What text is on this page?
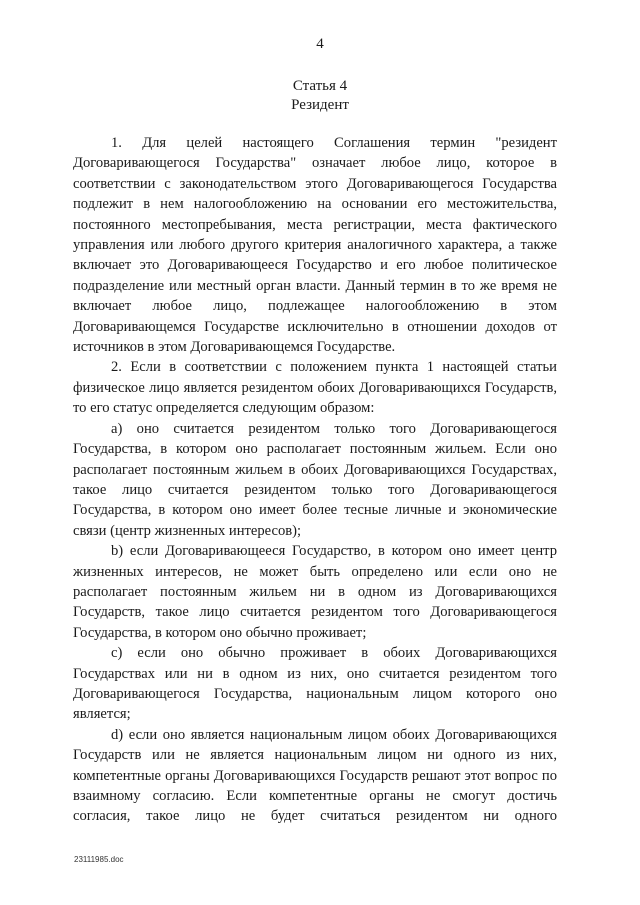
4
Статья 4
Резидент

1. Для целей настоящего Соглашения термин "резидент Договаривающегося Государства" означает любое лицо, которое в соответствии с законодательством этого Договаривающегося Государства подлежит в нем налогообложению на основании его местожительства, постоянного местопребывания, места регистрации, места фактического управления или любого другого критерия аналогичного характера, а также включает это Договаривающееся Государство и его любое политическое подразделение или местный орган власти. Данный термин в то же время не включает любое лицо, подлежащее налогообложению в этом Договаривающемся Государстве исключительно в отношении доходов от источников в этом Договаривающемся Государстве.

2. Если в соответствии с положением пункта 1 настоящей статьи физическое лицо является резидентом обоих Договаривающихся Государств, то его статус определяется следующим образом:

a) оно считается резидентом только того Договаривающегося Государства, в котором оно располагает постоянным жильем. Если оно располагает постоянным жильем в обоих Договаривающихся Государствах, такое лицо считается резидентом только того Договаривающегося Государства, в котором оно имеет более тесные личные и экономические связи (центр жизненных интересов);

b) если Договаривающееся Государство, в котором оно имеет центр жизненных интересов, не может быть определено или если оно не располагает постоянным жильем ни в одном из Договаривающихся Государств, такое лицо считается резидентом того Договаривающегося Государства, в котором оно обычно проживает;

c) если оно обычно проживает в обоих Договаривающихся Государствах или ни в одном из них, оно считается резидентом того Договаривающегося Государства, национальным лицом которого оно является;

d) если оно является национальным лицом обоих Договаривающихся Государств или не является национальным лицом ни одного из них, компетентные органы Договаривающихся Государств решают этот вопрос по взаимному согласию. Если компетентные органы не смогут достичь согласия, такое лицо не будет считаться резидентом ни одного

23111985.doc
